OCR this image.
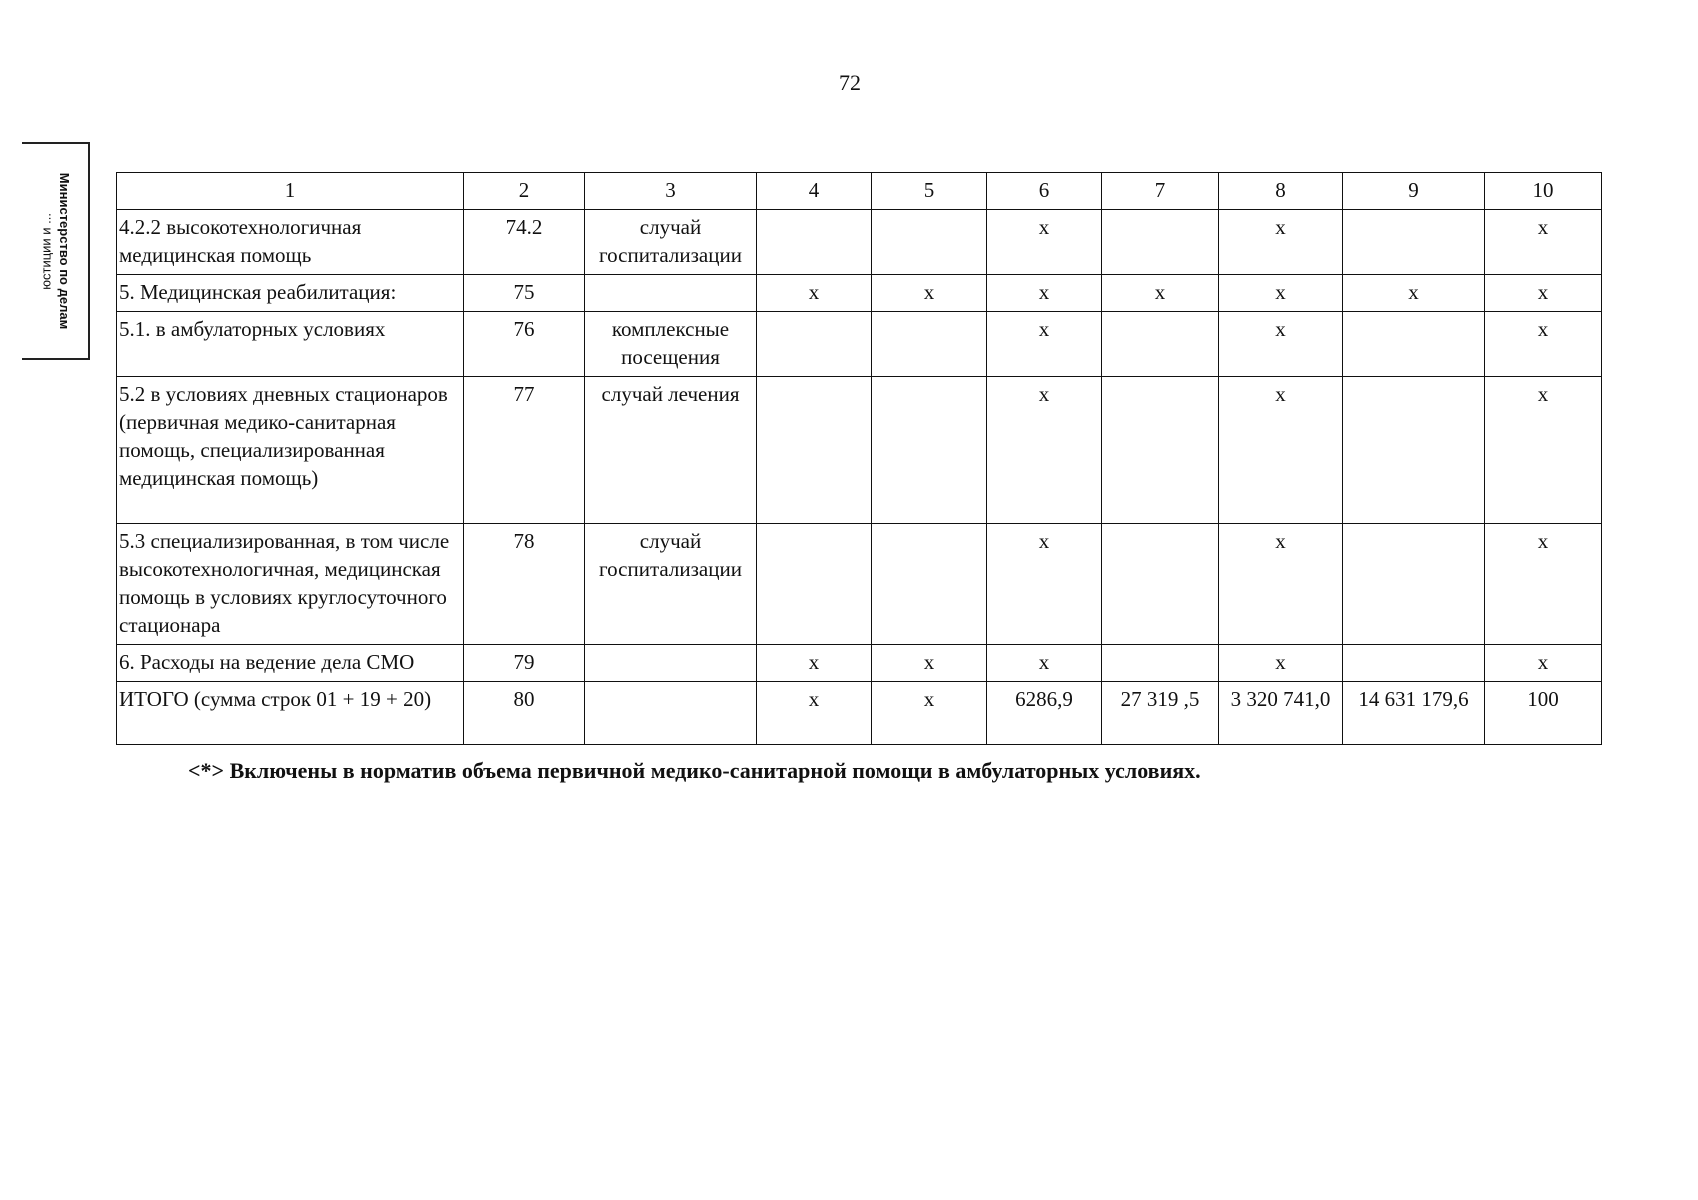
72
Министерство по делам
юстиции и ...
1	2	3	4	5	6	7	8	9	10
4.2.2 высокотехнологичная медицинская помощь	74.2	случай госпитализации			х		х		х
5. Медицинская реабилитация:	75		х	х	х	х	х	х	х
5.1. в амбулаторных условиях	76	комплексные посещения			х		х		х
5.2 в условиях дневных стационаров (первичная медико-санитарная помощь, специализированная медицинская помощь)	77	случай лечения			х		х		х
5.3 специализированная, в том числе высокотехнологичная, медицинская помощь в условиях круглосуточного стационара	78	случай госпитализации			х		х		х
6. Расходы на ведение дела СМО	79		х	х	х		х		х
ИТОГО (сумма строк 01 + 19 + 20)	80		х	х	6286,9	27 319 ,5	3 320 741,0	14 631 179,6	100
<*> Включены в норматив объема первичной медико-санитарной помощи в амбулаторных условиях.
